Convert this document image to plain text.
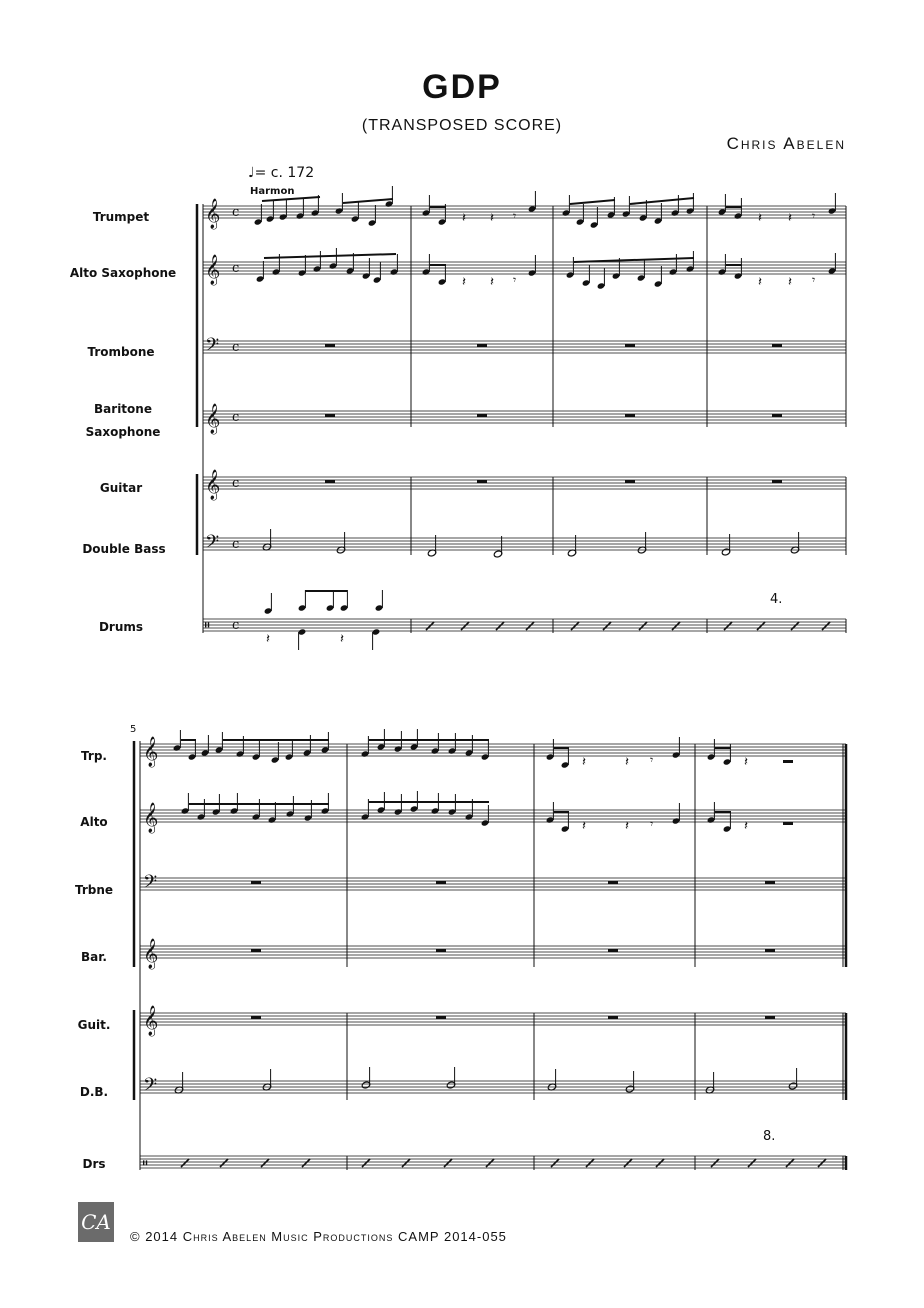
GDP
(TRANSPOSED SCORE)
Chris Abelen
♩= c. 172
Harmon
Trumpet
Alto Saxophone
Trombone
Baritone Saxophone
Guitar
Double Bass
Drums
Trp.
Alto
Trbne
Bar.
Guit.
D.B.
Drs
5
4.
8.
𝄞 c
𝄞 c
𝄢 c
𝄞 c
𝄞 c
𝄢 c
𝄥 c
𝄽 𝄽 𝄾	𝄽 𝄽 𝄾
𝄽 𝄽 𝄾	𝄽 𝄽 𝄾
𝄽	𝄽
𝄞
𝄞
𝄢
𝄞
𝄞
𝄢
𝄥
𝄽	𝄽 𝄾	𝄽
𝄽	𝄽 𝄾	𝄽
CA
© 2014 Chris Abelen Music Productions CAMP 2014-055
